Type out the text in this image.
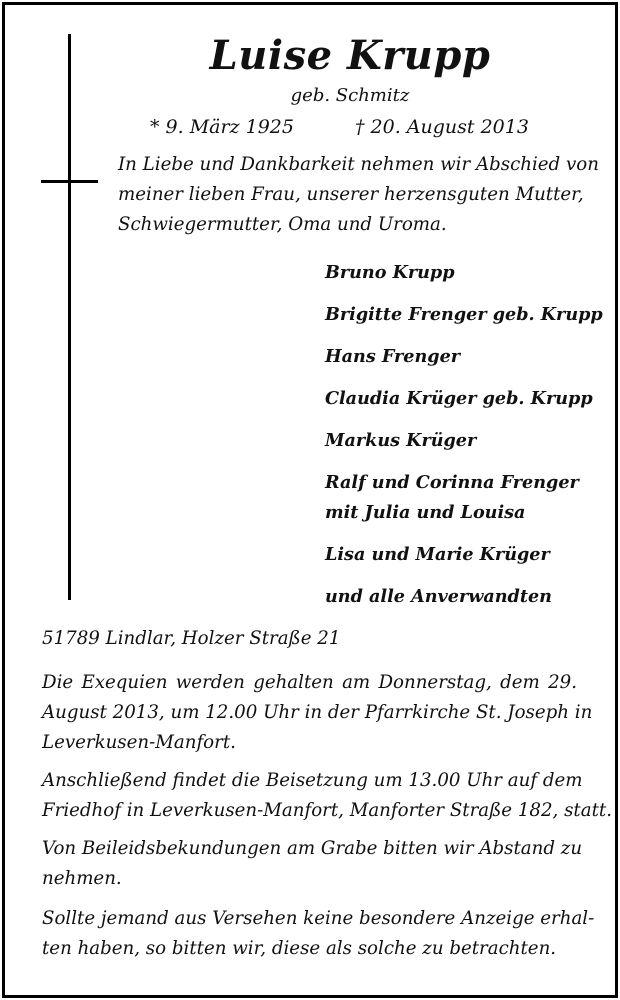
Luise Krupp
geb. Schmitz
* 9. März 1925	† 20. August 2013
In Liebe und Dankbarkeit nehmen wir Abschied von
meiner lieben Frau, unserer herzensguten Mutter,
Schwiegermutter, Oma und Uroma.
Bruno Krupp
Brigitte Frenger geb. Krupp
Hans Frenger
Claudia Krüger geb. Krupp
Markus Krüger
Ralf und Corinna Frenger
mit Julia und Louisa
Lisa und Marie Krüger
und alle Anverwandten
51789 Lindlar, Holzer Straße 21
Die Exequien werden gehalten am Donnerstag, dem 29.
August 2013, um 12.00 Uhr in der Pfarrkirche St. Joseph in
Leverkusen-Manfort.
Anschließend findet die Beisetzung um 13.00 Uhr auf dem
Friedhof in Leverkusen-Manfort, Manforter Straße 182, statt.
Von Beileidsbekundungen am Grabe bitten wir Abstand zu
nehmen.
Sollte jemand aus Versehen keine besondere Anzeige erhal-
ten haben, so bitten wir, diese als solche zu betrachten.
